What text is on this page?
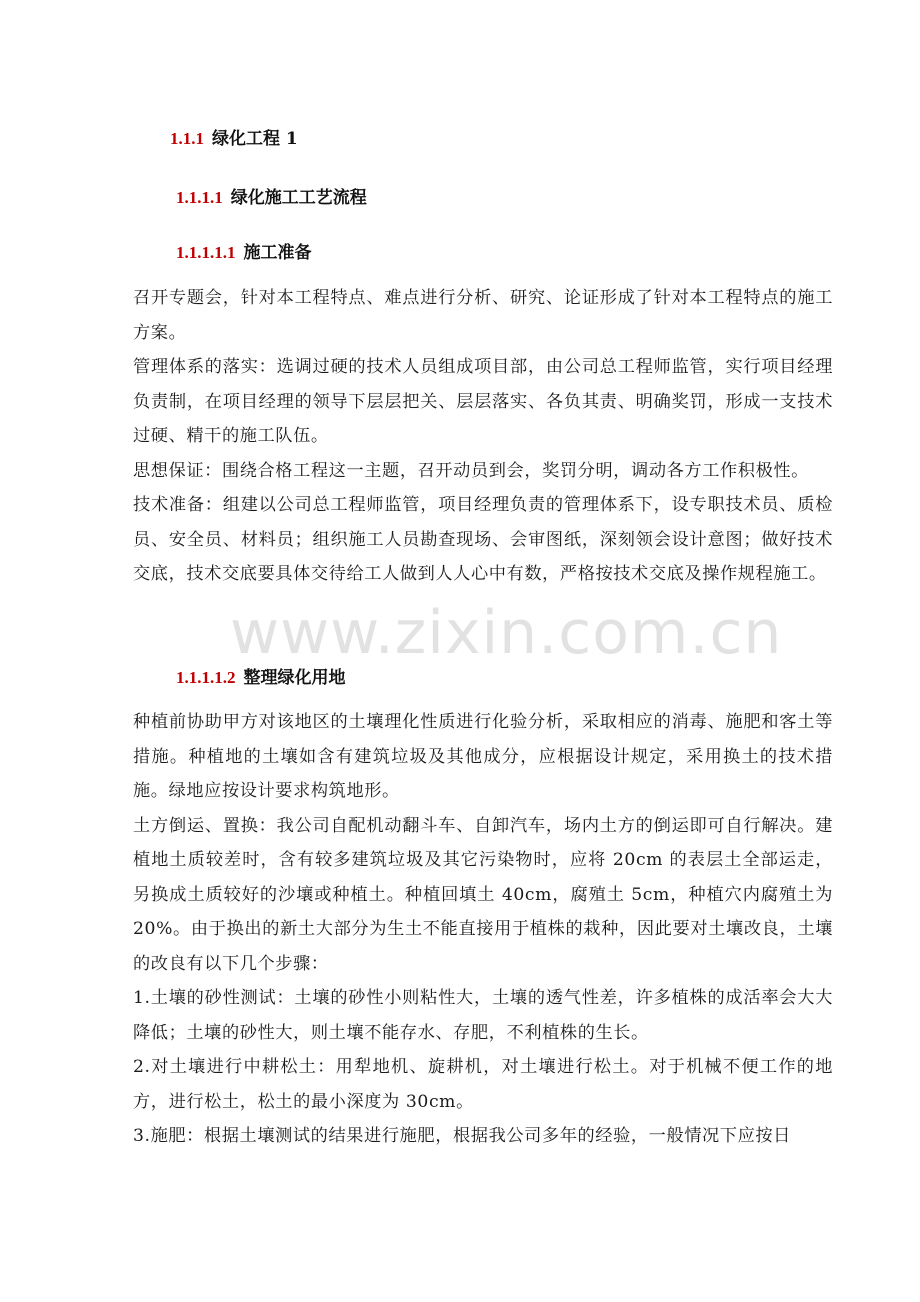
1.1.1 绿化工程 1
1.1.1.1 绿化施工工艺流程
1.1.1.1.1 施工准备

召开专题会，针对本工程特点、难点进行分析、研究、论证形成了针对本工程特点的施工方案。

管理体系的落实：选调过硬的技术人员组成项目部，由公司总工程师监管，实行项目经理负责制，在项目经理的领导下层层把关、层层落实、各负其责、明确奖罚，形成一支技术过硬、精干的施工队伍。

思想保证：围绕合格工程这一主题，召开动员到会，奖罚分明，调动各方工作积极性。

技术准备：组建以公司总工程师监管，项目经理负责的管理体系下，设专职技术员、质检员、安全员、材料员；组织施工人员勘查现场、会审图纸，深刻领会设计意图；做好技术交底，技术交底要具体交待给工人做到人人心中有数，严格按技术交底及操作规程施工。

1.1.1.1.2 整理绿化用地

种植前协助甲方对该地区的土壤理化性质进行化验分析，采取相应的消毒、施肥和客土等措施。种植地的土壤如含有建筑垃圾及其他成分，应根据设计规定，采用换土的技术措施。绿地应按设计要求构筑地形。

土方倒运、置换：我公司自配机动翻斗车、自卸汽车，场内土方的倒运即可自行解决。建植地土质较差时，含有较多建筑垃圾及其它污染物时，应将 20cm 的表层土全部运走，另换成土质较好的沙壤或种植土。种植回填土 40cm，腐殖土 5cm，种植穴内腐殖土为 20%。由于换出的新土大部分为生土不能直接用于植株的栽种，因此要对土壤改良，土壤的改良有以下几个步骤：

1.土壤的砂性测试：土壤的砂性小则粘性大，土壤的透气性差，许多植株的成活率会大大降低；土壤的砂性大，则土壤不能存水、存肥，不利植株的生长。

2.对土壤进行中耕松土：用犁地机、旋耕机，对土壤进行松土。对于机械不便工作的地方，进行松土，松土的最小深度为 30cm。

3.施肥：根据土壤测试的结果进行施肥，根据我公司多年的经验，一般情况下应按日

www.zixin.com.cn
